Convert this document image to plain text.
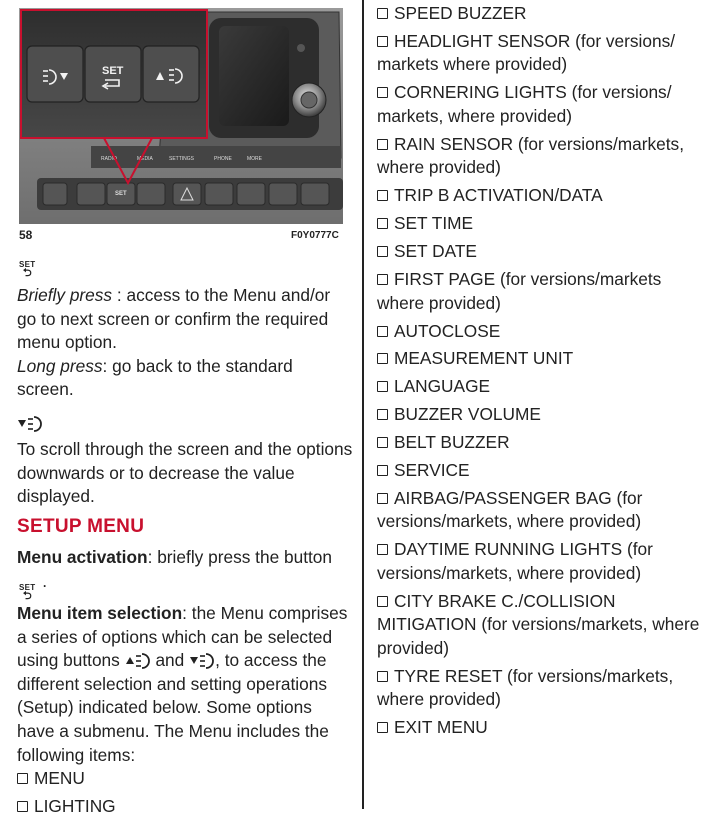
RADIO	MEDIA	SETTINGS	PHONE	MORE
SET
SET
58	F0Y0777C
SET
⮌

Briefly press : access to the Menu and/or go to next screen or confirm the required menu option.

Long press: go back to the standard screen.

To scroll through the screen and the options downwards or to decrease the value displayed.

SETUP MENU

Menu activation: briefly press the button
SET
⮌
.

Menu item selection: the Menu comprises a series of options which can be selected using buttons and , to access the different selection and setting operations (Setup) indicated below. Some options have a submenu. The Menu includes the following items:

MENU

LIGHTING

SPEED BUZZER

HEADLIGHT SENSOR (for versions/ markets where provided)

CORNERING LIGHTS (for versions/ markets, where provided)

RAIN SENSOR (for versions/markets, where provided)

TRIP B ACTIVATION/DATA

SET TIME

SET DATE

FIRST PAGE (for versions/markets where provided)

AUTOCLOSE

MEASUREMENT UNIT

LANGUAGE

BUZZER VOLUME

BELT BUZZER

SERVICE

AIRBAG/PASSENGER BAG (for versions/markets, where provided)

DAYTIME RUNNING LIGHTS (for versions/markets, where provided)

CITY BRAKE C./COLLISION MITIGATION (for versions/markets, where provided)

TYRE RESET (for versions/markets, where provided)

EXIT MENU
